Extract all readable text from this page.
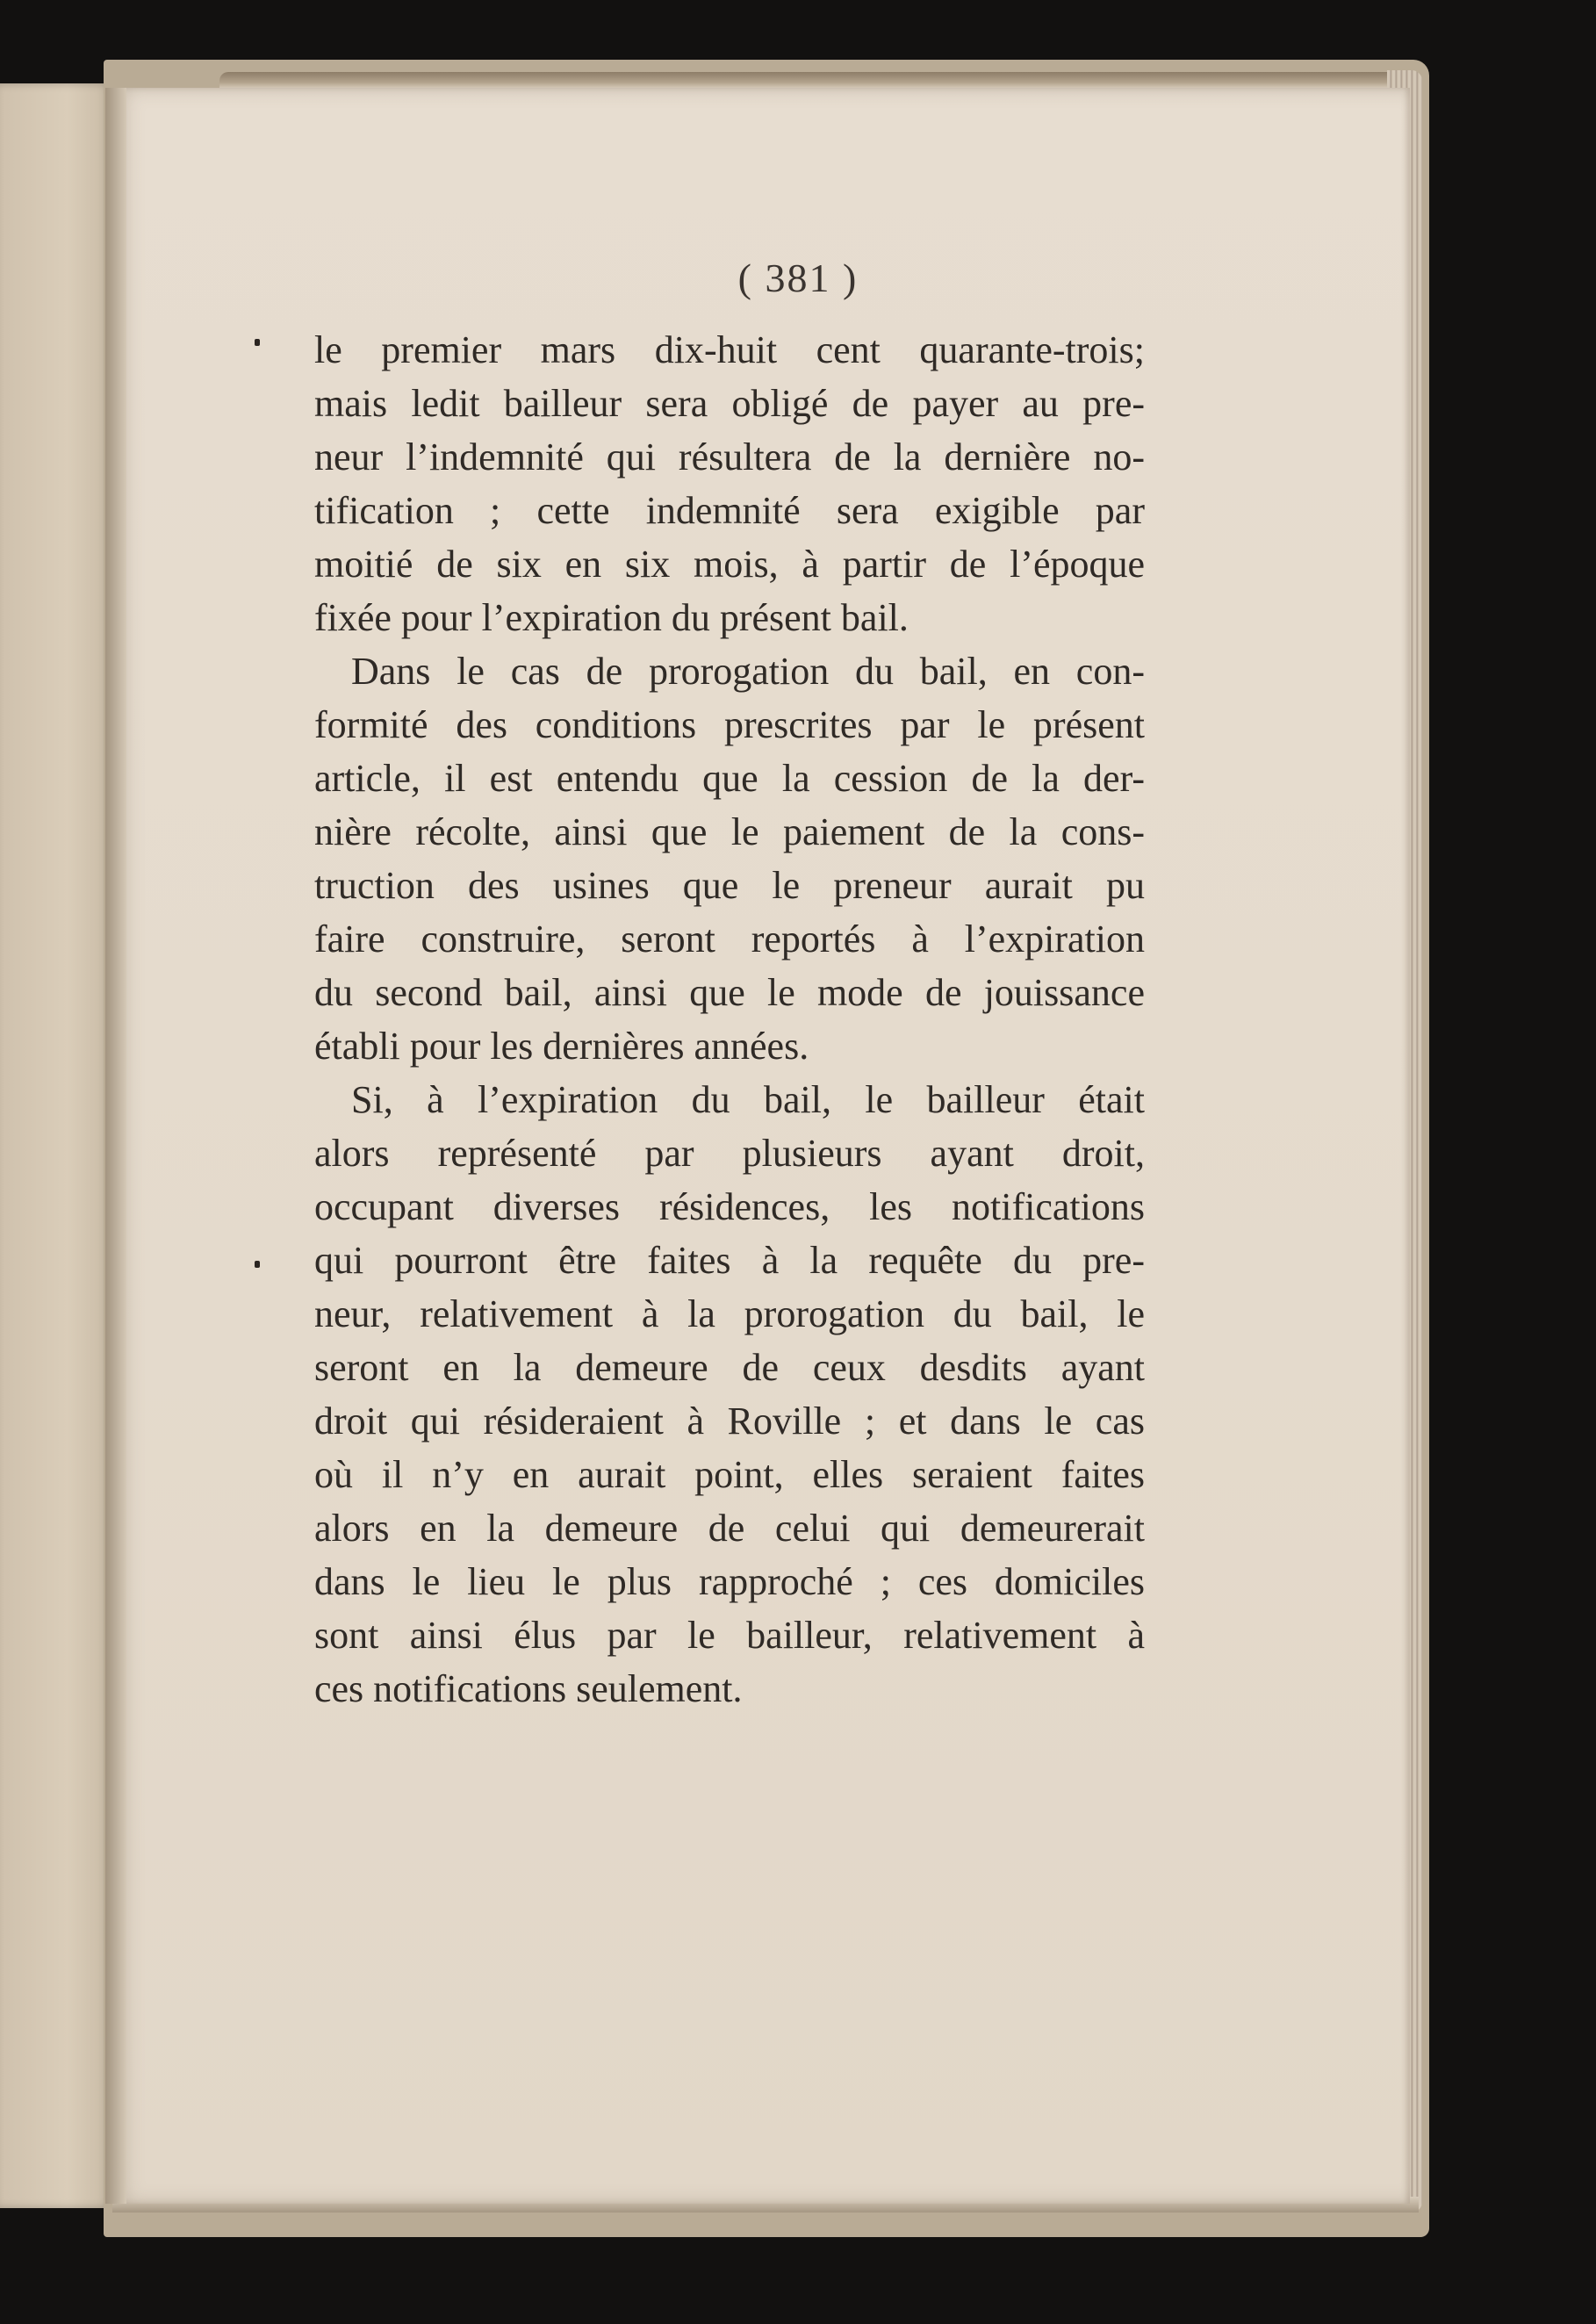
( 381 )
le premier mars dix-huit cent quarante-trois;
mais ledit bailleur sera obligé de payer au pre-
neur l’indemnité qui résultera de la dernière no-
tification ; cette indemnité sera exigible par
moitié de six en six mois, à partir de l’époque
fixée pour l’expiration du présent bail.
Dans le cas de prorogation du bail, en con-
formité des conditions prescrites par le présent
article, il est entendu que la cession de la der-
nière récolte, ainsi que le paiement de la cons-
truction des usines que le preneur aurait pu
faire construire, seront reportés à l’expiration
du second bail, ainsi que le mode de jouissance
établi pour les dernières années.
Si, à l’expiration du bail, le bailleur était
alors représenté par plusieurs ayant droit,
occupant diverses résidences, les notifications
qui pourront être faites à la requête du pre-
neur, relativement à la prorogation du bail, le
seront en la demeure de ceux desdits ayant
droit qui résideraient à Roville ; et dans le cas
où il n’y en aurait point, elles seraient faites
alors en la demeure de celui qui demeurerait
dans le lieu le plus rapproché ; ces domiciles
sont ainsi élus par le bailleur, relativement à
ces notifications seulement.
